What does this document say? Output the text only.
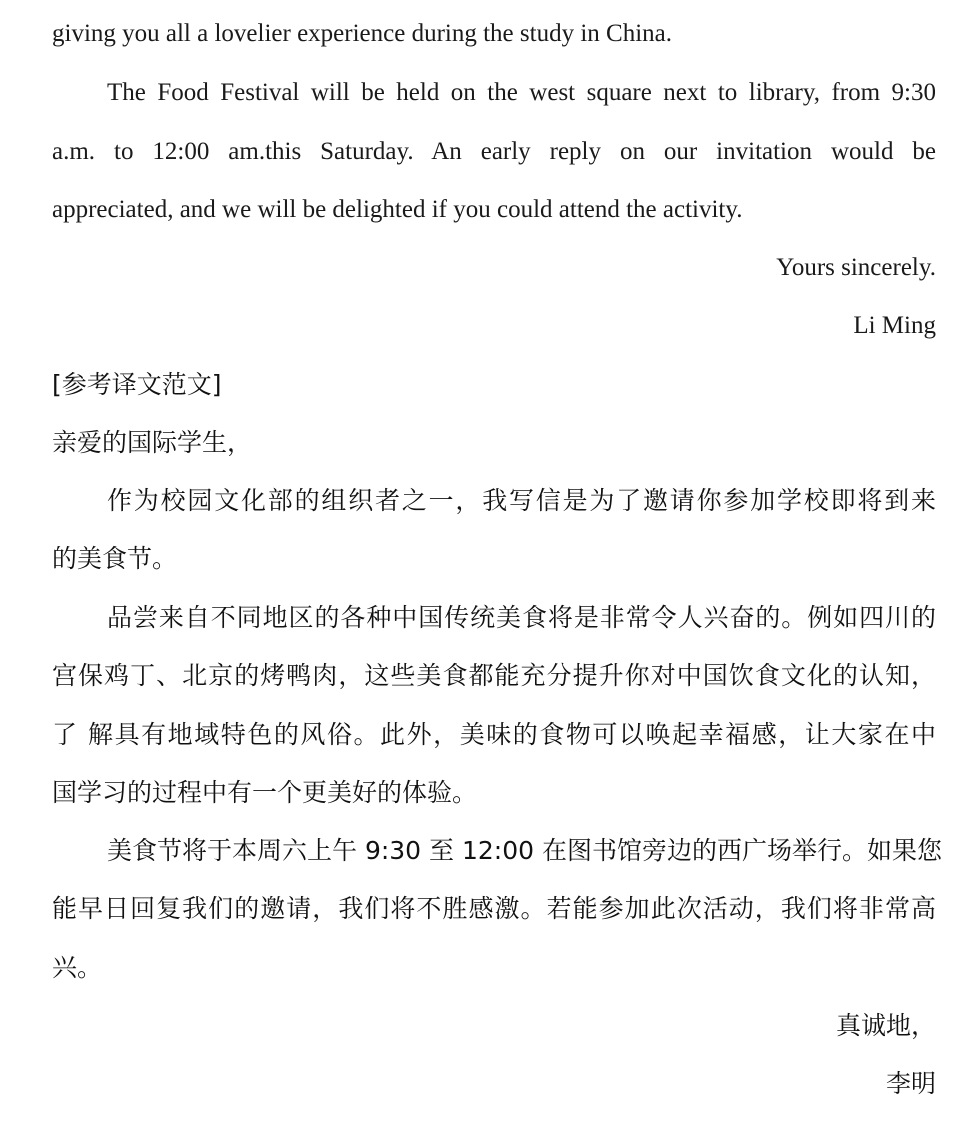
giving you all a lovelier experience during the study in China.
The Food Festival will be held on the west square next to library, from 9:30
a.m. to 12:00 am.this Saturday. An early reply on our invitation would be
appreciated, and we will be delighted if you could attend the activity.
Yours sincerely.
Li Ming
[参考译文范文]
亲爱的国际学生，
作为校园文化部的组织者之一，我写信是为了邀请你参加学校即将到来
的美食节。
品尝来自不同地区的各种中国传统美食将是非常令人兴奋的。例如四川的
宫保鸡丁、北京的烤鸭肉，这些美食都能充分提升你对中国饮食文化的认知，
了 解具有地域特色的风俗。此外，美味的食物可以唤起幸福感，让大家在中
国学习的过程中有一个更美好的体验。
美食节将于本周六上午 9:30 至 12:00 在图书馆旁边的西广场举行。如果您
能早日回复我们的邀请，我们将不胜感激。若能参加此次活动，我们将非常高
兴。
真诚地，
李明
